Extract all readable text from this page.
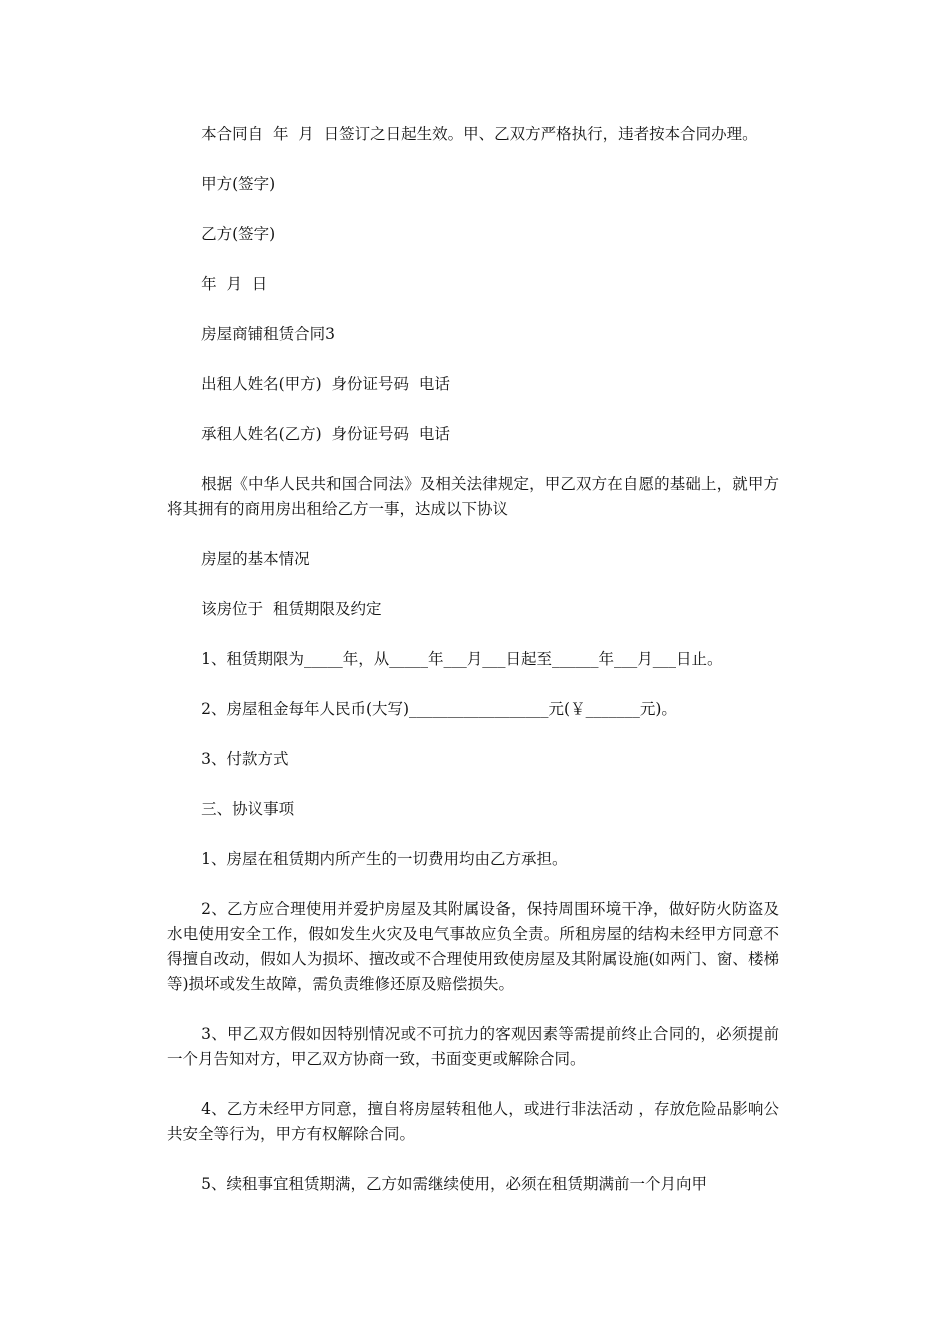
本合同自  年  月  日签订之日起生效。甲、乙双方严格执行，违者按本合同办理。

甲方(签字)

乙方(签字)

年  月  日

房屋商铺租赁合同3

出租人姓名(甲方)  身份证号码  电话

承租人姓名(乙方)  身份证号码  电话

根据《中华人民共和国合同法》及相关法律规定，甲乙双方在自愿的基础上，就甲方将其拥有的商用房出租给乙方一事，达成以下协议

房屋的基本情况

该房位于  租赁期限及约定

1、租赁期限为_____年，从_____年___月___日起至______年___月___日止。

2、房屋租金每年人民币(大写)__________________元(￥_______元)。

3、付款方式

三、协议事项

1、房屋在租赁期内所产生的一切费用均由乙方承担。

2、乙方应合理使用并爱护房屋及其附属设备，保持周围环境干净，做好防火防盗及水电使用安全工作，假如发生火灾及电气事故应负全责。所租房屋的结构未经甲方同意不得擅自改动，假如人为损坏、擅改或不合理使用致使房屋及其附属设施(如两门、窗、楼梯等)损坏或发生故障，需负责维修还原及赔偿损失。

3、甲乙双方假如因特别情况或不可抗力的客观因素等需提前终止合同的，必须提前一个月告知对方，甲乙双方协商一致，书面变更或解除合同。

4、乙方未经甲方同意，擅自将房屋转租他人，或进行非法活动 ，存放危险品影响公共安全等行为，甲方有权解除合同。

5、续租事宜租赁期满，乙方如需继续使用，必须在租赁期满前一个月向甲
